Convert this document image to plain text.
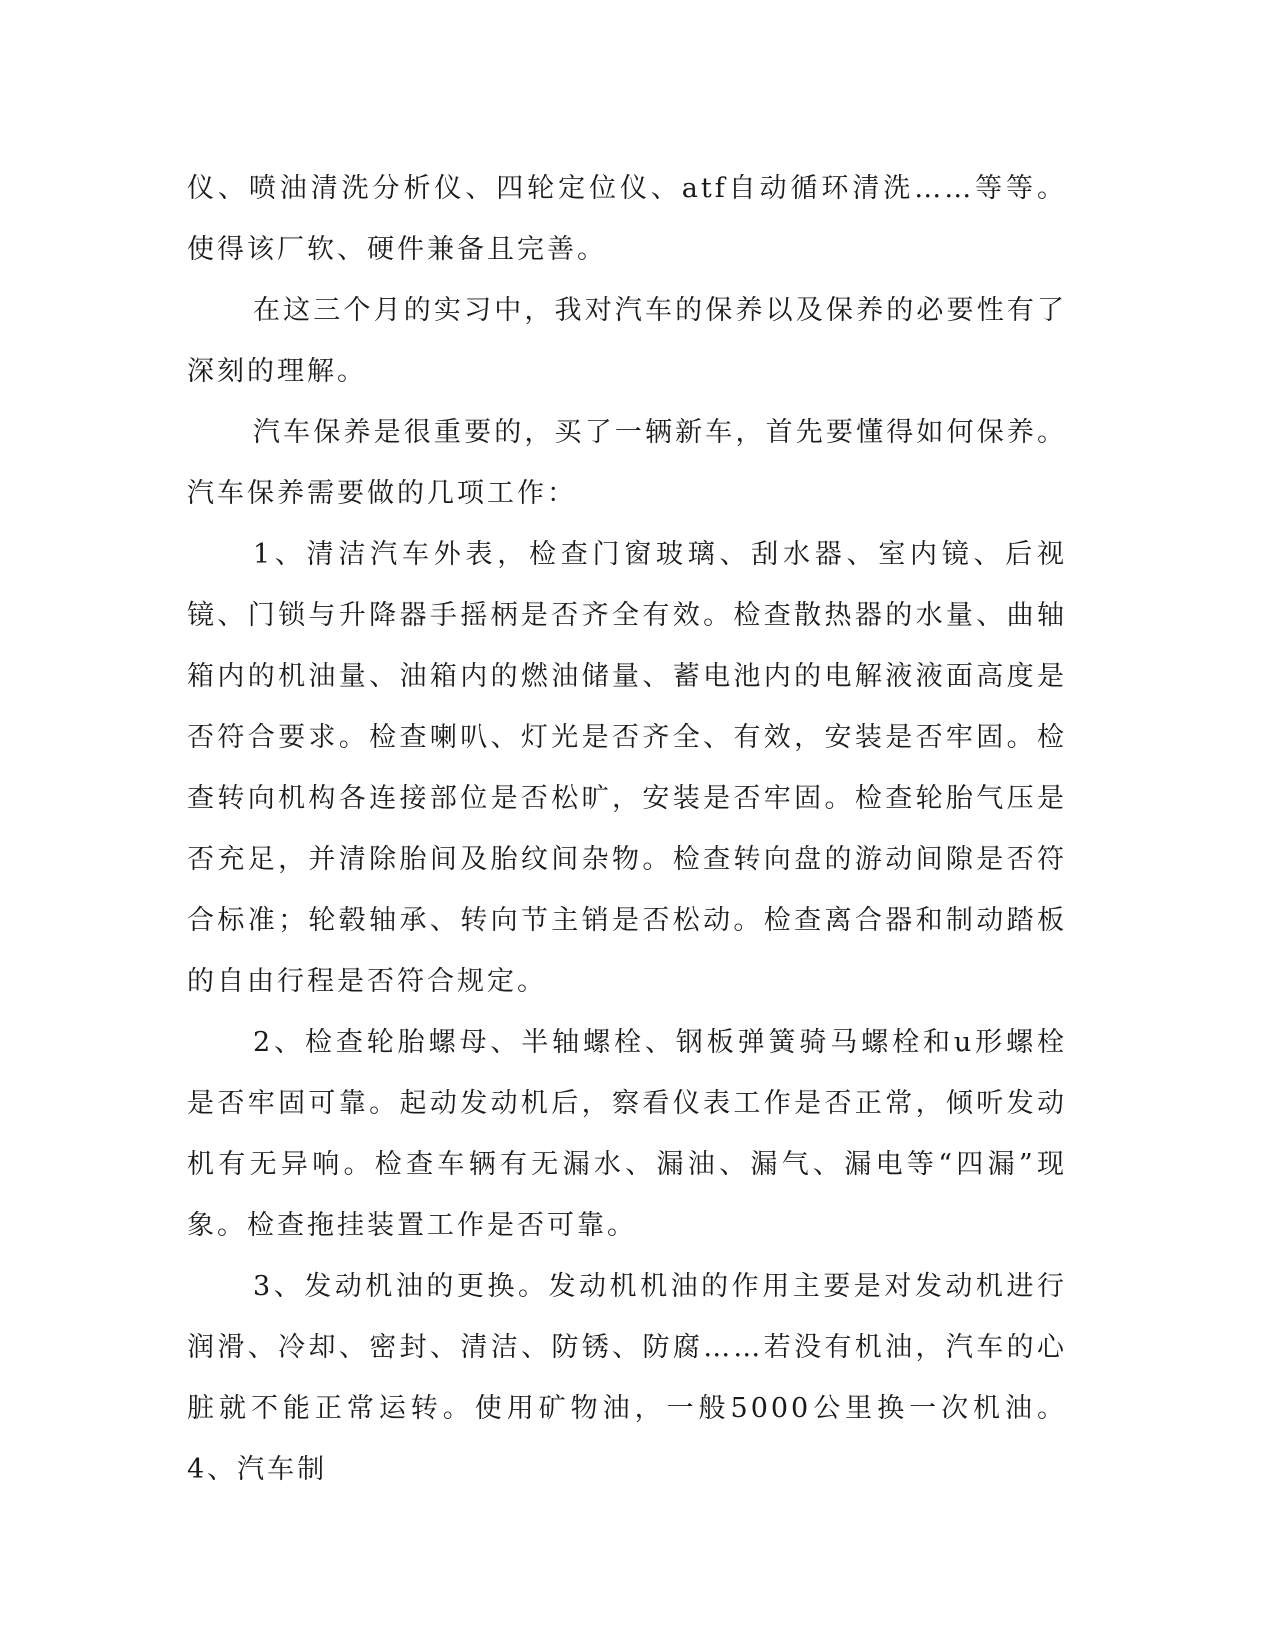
仪、喷油清洗分析仪、四轮定位仪、atf自动循环清洗……等等。使得该厂软、硬件兼备且完善。

在这三个月的实习中，我对汽车的保养以及保养的必要性有了深刻的理解。

汽车保养是很重要的，买了一辆新车，首先要懂得如何保养。汽车保养需要做的几项工作：

1、清洁汽车外表，检查门窗玻璃、刮水器、室内镜、后视镜、门锁与升降器手摇柄是否齐全有效。检查散热器的水量、曲轴箱内的机油量、油箱内的燃油储量、蓄电池内的电解液液面高度是否符合要求。检查喇叭、灯光是否齐全、有效，安装是否牢固。检查转向机构各连接部位是否松旷，安装是否牢固。检查轮胎气压是否充足，并清除胎间及胎纹间杂物。检查转向盘的游动间隙是否符合标准；轮毂轴承、转向节主销是否松动。检查离合器和制动踏板的自由行程是否符合规定。

2、检查轮胎螺母、半轴螺栓、钢板弹簧骑马螺栓和u形螺栓是否牢固可靠。起动发动机后，察看仪表工作是否正常，倾听发动机有无异响。检查车辆有无漏水、漏油、漏气、漏电等“四漏”现象。检查拖挂装置工作是否可靠。

3、发动机油的更换。发动机机油的作用主要是对发动机进行润滑、冷却、密封、清洁、防锈、防腐……若没有机油，汽车的心脏就不能正常运转。使用矿物油，一般5000公里换一次机油。4、汽车制
